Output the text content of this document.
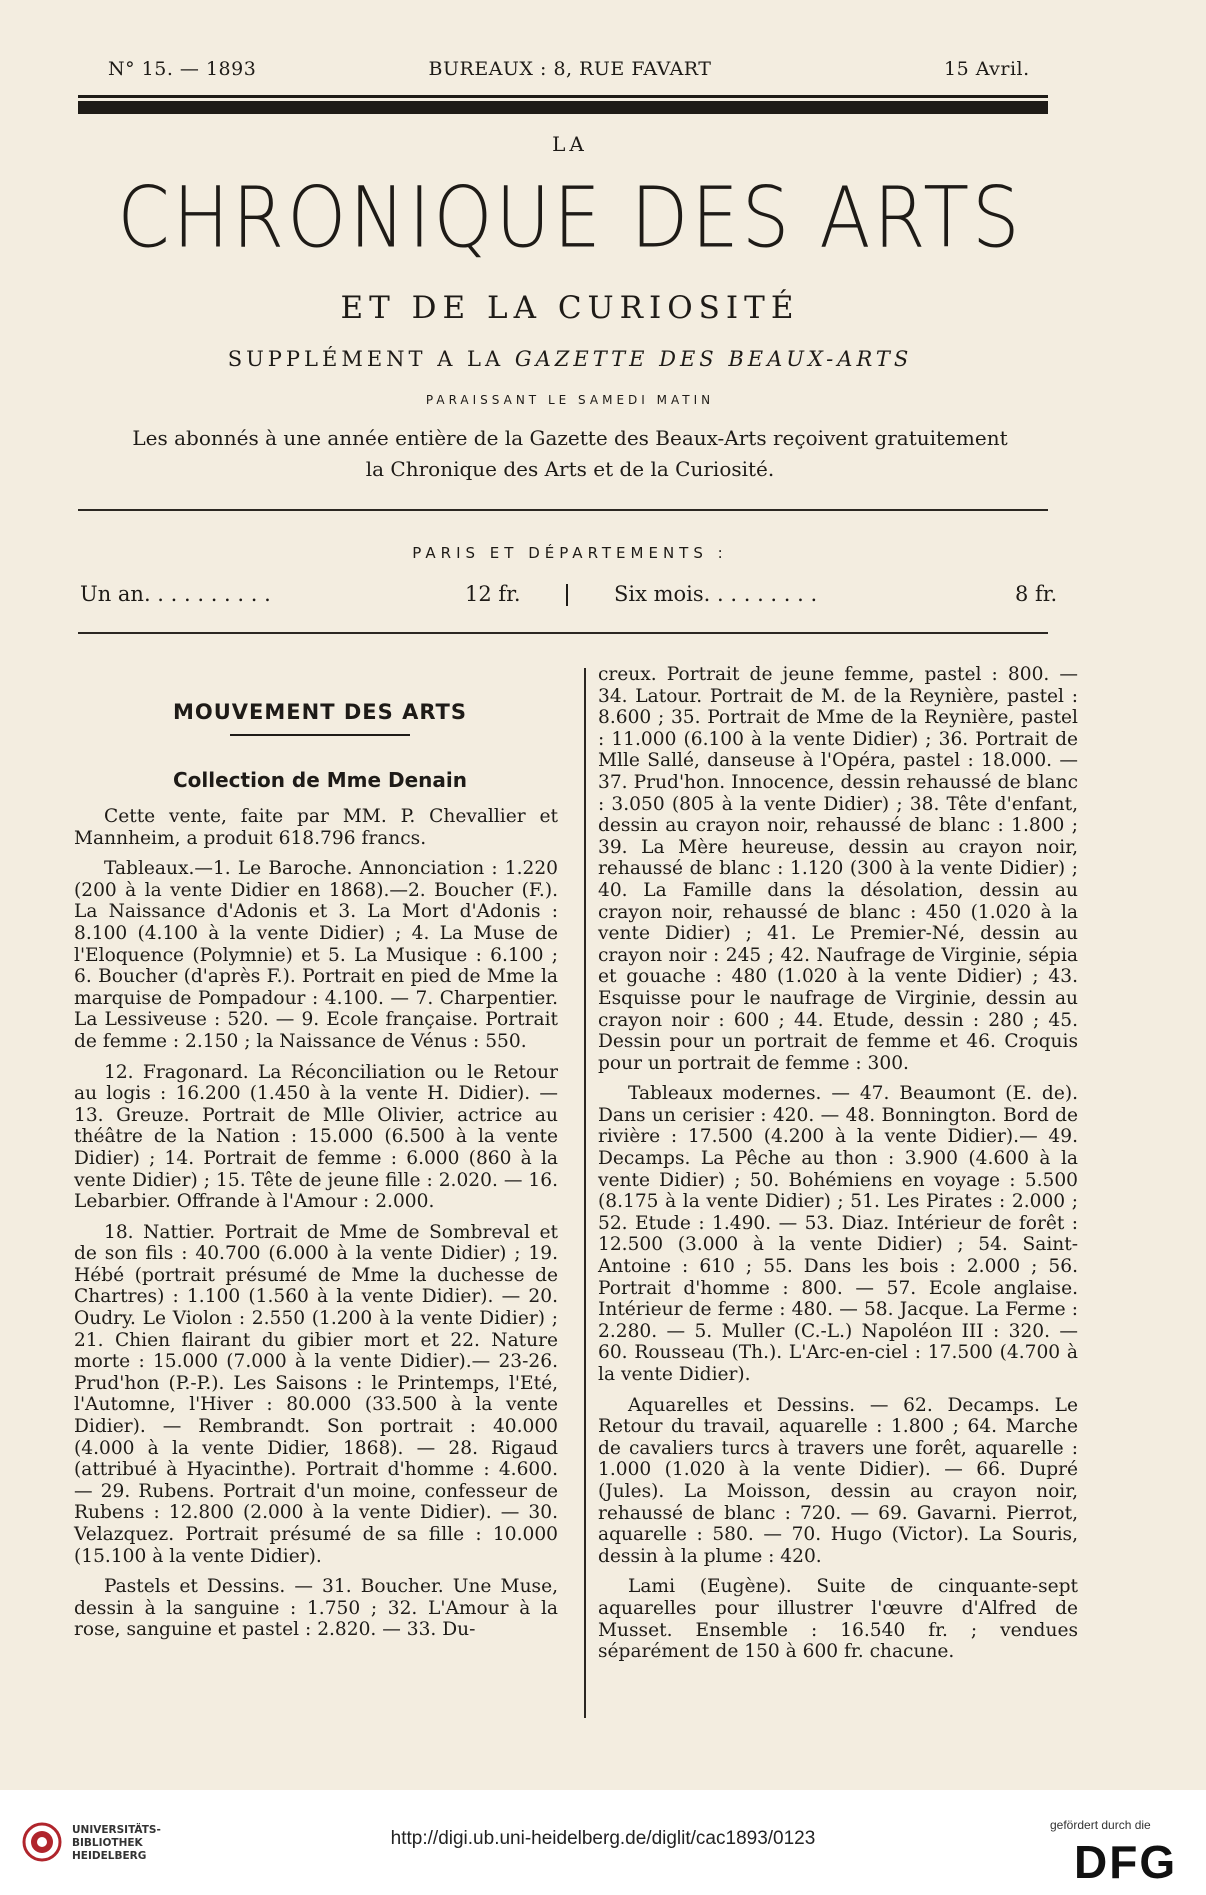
N° 15. — 1893	BUREAUX : 8, RUE FAVART	15 Avril.
LA
CHRONIQUE DES ARTS
ET DE LA CURIOSITÉ
SUPPLÉMENT A LA GAZETTE DES BEAUX-ARTS
PARAISSANT LE SAMEDI MATIN
Les abonnés à une année entière de la Gazette des Beaux-Arts reçoivent gratuitement
la Chronique des Arts et de la Curiosité.
PARIS ET DÉPARTEMENTS :
Un an. . . . . . . . . .	12 fr.	Six mois. . . . . . . . .	8 fr.
MOUVEMENT DES ARTS
Collection de Mme Denain

Cette vente, faite par MM. P. Chevallier et Mannheim, a produit 618.796 francs.

Tableaux.—1. Le Baroche. Annonciation : 1.220 (200 à la vente Didier en 1868).—2. Boucher (F.). La Naissance d'Adonis et 3. La Mort d'Adonis : 8.100 (4.100 à la vente Didier) ; 4. La Muse de l'Eloquence (Polymnie) et 5. La Musique : 6.100 ; 6. Boucher (d'après F.). Portrait en pied de Mme la marquise de Pompadour : 4.100. — 7. Charpentier. La Lessiveuse : 520. — 9. Ecole française. Portrait de femme : 2.150 ; la Naissance de Vénus : 550.

12. Fragonard. La Réconciliation ou le Retour au logis : 16.200 (1.450 à la vente H. Didier). — 13. Greuze. Portrait de Mlle Olivier, actrice au théâtre de la Nation : 15.000 (6.500 à la vente Didier) ; 14. Portrait de femme : 6.000 (860 à la vente Didier) ; 15. Tête de jeune fille : 2.020. — 16. Lebarbier. Offrande à l'Amour : 2.000.

18. Nattier. Portrait de Mme de Sombreval et de son fils : 40.700 (6.000 à la vente Didier) ; 19. Hébé (portrait présumé de Mme la duchesse de Chartres) : 1.100 (1.560 à la vente Didier). — 20. Oudry. Le Violon : 2.550 (1.200 à la vente Didier) ; 21. Chien flairant du gibier mort et 22. Nature morte : 15.000 (7.000 à la vente Didier).— 23-26. Prud'hon (P.-P.). Les Saisons : le Printemps, l'Eté, l'Automne, l'Hiver : 80.000 (33.500 à la vente Didier). — Rembrandt. Son portrait : 40.000 (4.000 à la vente Didier, 1868). — 28. Rigaud (attribué à Hyacinthe). Portrait d'homme : 4.600. — 29. Rubens. Portrait d'un moine, confesseur de Rubens : 12.800 (2.000 à la vente Didier). — 30. Velazquez. Portrait présumé de sa fille : 10.000 (15.100 à la vente Didier).

Pastels et Dessins. — 31. Boucher. Une Muse, dessin à la sanguine : 1.750 ; 32. L'Amour à la rose, sanguine et pastel : 2.820. — 33. Du-

creux. Portrait de jeune femme, pastel : 800. — 34. Latour. Portrait de M. de la Reynière, pastel : 8.600 ; 35. Portrait de Mme de la Reynière, pastel : 11.000 (6.100 à la vente Didier) ; 36. Portrait de Mlle Sallé, danseuse à l'Opéra, pastel : 18.000. — 37. Prud'hon. Innocence, dessin rehaussé de blanc : 3.050 (805 à la vente Didier) ; 38. Tête d'enfant, dessin au crayon noir, rehaussé de blanc : 1.800 ; 39. La Mère heureuse, dessin au crayon noir, rehaussé de blanc : 1.120 (300 à la vente Didier) ; 40. La Famille dans la désolation, dessin au crayon noir, rehaussé de blanc : 450 (1.020 à la vente Didier) ; 41. Le Premier-Né, dessin au crayon noir : 245 ; 42. Naufrage de Virginie, sépia et gouache : 480 (1.020 à la vente Didier) ; 43. Esquisse pour le naufrage de Virginie, dessin au crayon noir : 600 ; 44. Etude, dessin : 280 ; 45. Dessin pour un portrait de femme et 46. Croquis pour un portrait de femme : 300.

Tableaux modernes. — 47. Beaumont (E. de). Dans un cerisier : 420. — 48. Bonnington. Bord de rivière : 17.500 (4.200 à la vente Didier).— 49. Decamps. La Pêche au thon : 3.900 (4.600 à la vente Didier) ; 50. Bohémiens en voyage : 5.500 (8.175 à la vente Didier) ; 51. Les Pirates : 2.000 ; 52. Etude : 1.490. — 53. Diaz. Intérieur de forêt : 12.500 (3.000 à la vente Didier) ; 54. Saint-Antoine : 610 ; 55. Dans les bois : 2.000 ; 56. Portrait d'homme : 800. — 57. Ecole anglaise. Intérieur de ferme : 480. — 58. Jacque. La Ferme : 2.280. — 5. Muller (C.-L.) Napoléon III : 320. — 60. Rousseau (Th.). L'Arc-en-ciel : 17.500 (4.700 à la vente Didier).

Aquarelles et Dessins. — 62. Decamps. Le Retour du travail, aquarelle : 1.800 ; 64. Marche de cavaliers turcs à travers une forêt, aquarelle : 1.000 (1.020 à la vente Didier). — 66. Dupré (Jules). La Moisson, dessin au crayon noir, rehaussé de blanc : 720. — 69. Gavarni. Pierrot, aquarelle : 580. — 70. Hugo (Victor). La Souris, dessin à la plume : 420.

Lami (Eugène). Suite de cinquante-sept aquarelles pour illustrer l'œuvre d'Alfred de Musset. Ensemble : 16.540 fr. ; vendues séparément de 150 à 600 fr. chacune.

UNIVERSITÄTS-
BIBLIOTHEK
HEIDELBERG
http://digi.ub.uni-heidelberg.de/diglit/cac1893/0123
gefördert durch die
DFG
